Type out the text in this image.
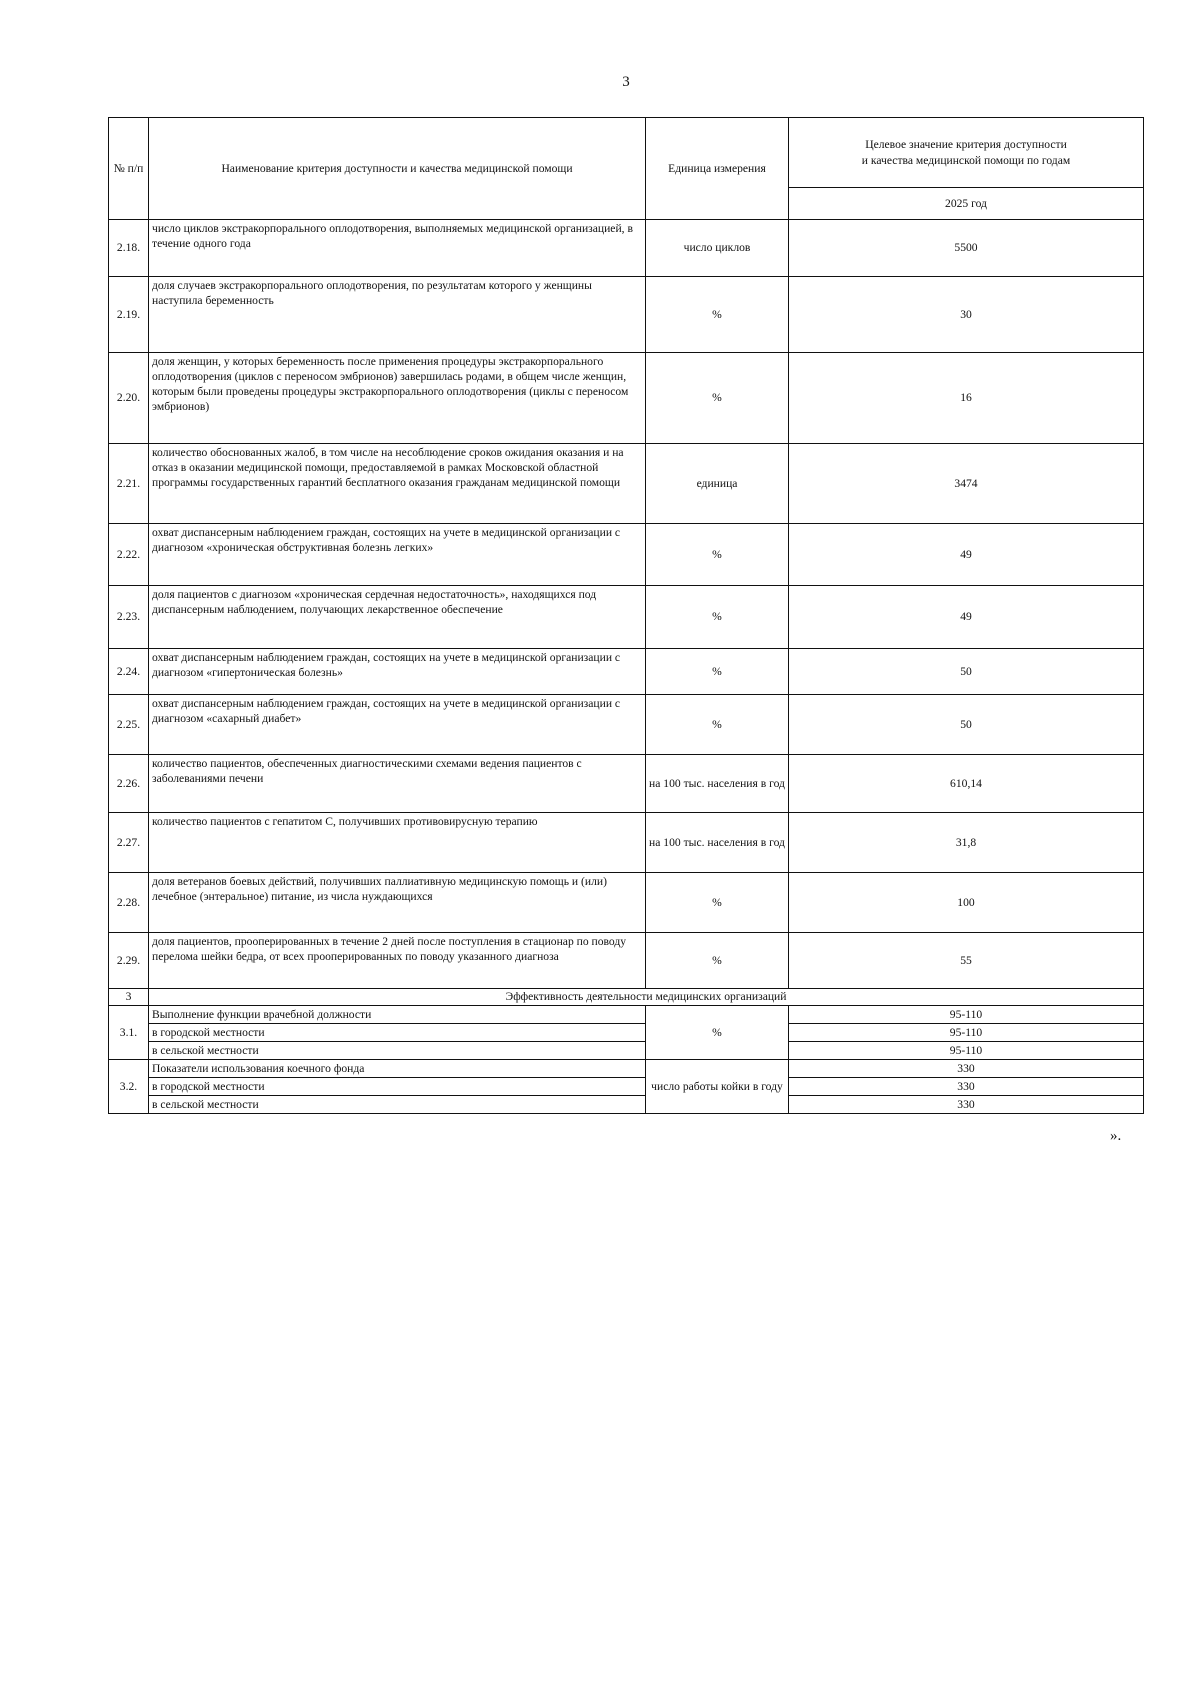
3
№ п/п	Наименование критерия доступности и качества медицинской помощи	Единица измерения	Целевое значение критерия доступности
и качества медицинской помощи по годам
			2025 год
2.18.	число циклов экстракорпорального оплодотворения, выполняемых медицинской организацией, в течение одного года	число циклов	5500
2.19.	доля случаев экстракорпорального оплодотворения, по результатам которого у женщины наступила беременность	%	30
2.20.	доля женщин, у которых беременность после применения процедуры экстракорпорального оплодотворения (циклов с переносом эмбрионов) завершилась родами, в общем числе женщин, которым были проведены процедуры экстракорпорального оплодотворения (циклы с переносом эмбрионов)	%	16
2.21.	количество обоснованных жалоб, в том числе на несоблюдение сроков ожидания оказания и на отказ в оказании медицинской помощи, предоставляемой в рамках Московской областной программы государственных гарантий бесплатного оказания гражданам медицинской помощи	единица	3474
2.22.	охват диспансерным наблюдением граждан, состоящих на учете в медицинской организации с диагнозом «хроническая обструктивная болезнь легких»	%	49
2.23.	доля пациентов с диагнозом «хроническая сердечная недостаточность», находящихся под диспансерным наблюдением, получающих лекарственное обеспечение	%	49
2.24.	охват диспансерным наблюдением граждан, состоящих на учете в медицинской организации с диагнозом «гипертоническая болезнь»	%	50
2.25.	охват диспансерным наблюдением граждан, состоящих на учете в медицинской организации с диагнозом «сахарный диабет»	%	50
2.26.	количество пациентов, обеспеченных диагностическими схемами ведения пациентов с заболеваниями печени	на 100 тыс. населения в год	610,14
2.27.	количество пациентов с гепатитом С, получивших противовирусную терапию	на 100 тыс. населения в год	31,8
2.28.	доля ветеранов боевых действий, получивших паллиативную медицинскую помощь и (или) лечебное (энтеральное) питание, из числа нуждающихся	%	100
2.29.	доля пациентов, прооперированных в течение 2 дней после поступления в стационар по поводу перелома шейки бедра, от всех прооперированных по поводу указанного диагноза	%	55
3	Эффективность деятельности медицинских организаций		
3.1.	Выполнение функции врачебной должности	%	95-110
	в городской местности		95-110
	в сельской местности		95-110
3.2.	Показатели использования коечного фонда	число работы койки в году	330
	в городской местности		330
	в сельской местности		330
».
